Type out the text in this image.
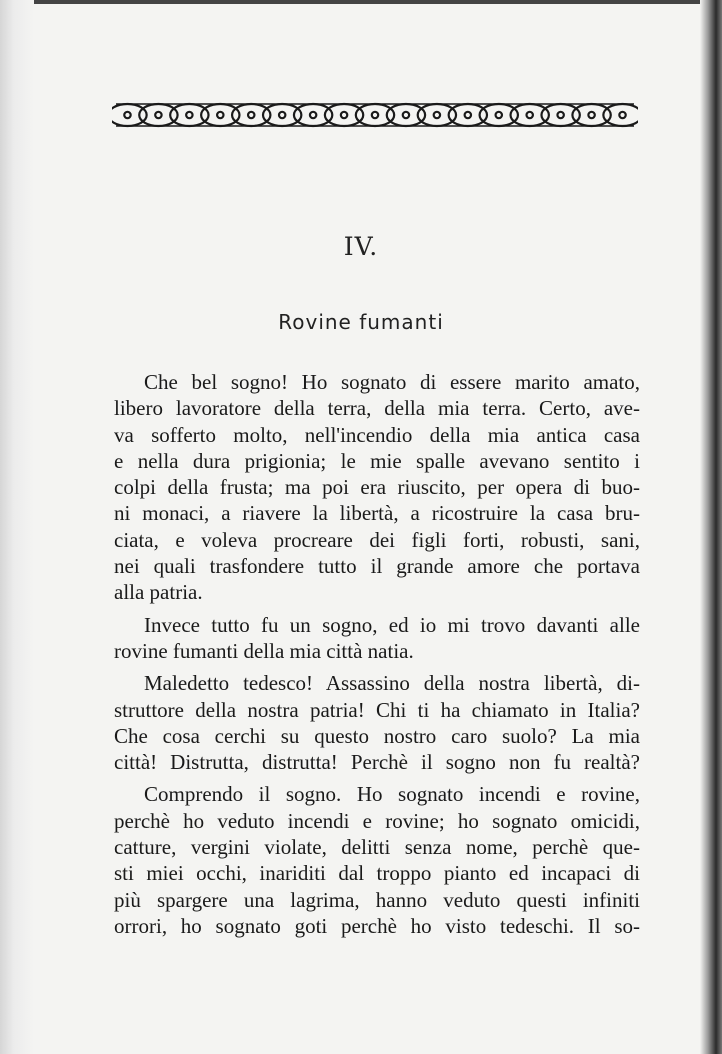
IV.
Rovine fumanti
Che bel sogno! Ho sognato di essere marito amato,
libero lavoratore della terra, della mia terra. Certo, ave-
va sofferto molto, nell'incendio della mia antica casa
e nella dura prigionia; le mie spalle avevano sentito i
colpi della frusta; ma poi era riuscito, per opera di buo-
ni monaci, a riavere la libertà, a ricostruire la casa bru-
ciata, e voleva procreare dei figli forti, robusti, sani,
nei quali trasfondere tutto il grande amore che portava
alla patria.
Invece tutto fu un sogno, ed io mi trovo davanti alle
rovine fumanti della mia città natia.
Maledetto tedesco! Assassino della nostra libertà, di-
struttore della nostra patria! Chi ti ha chiamato in Italia?
Che cosa cerchi su questo nostro caro suolo? La mia
città! Distrutta, distrutta! Perchè il sogno non fu realtà?
Comprendo il sogno. Ho sognato incendi e rovine,
perchè ho veduto incendi e rovine; ho sognato omicidi,
catture, vergini violate, delitti senza nome, perchè que-
sti miei occhi, inariditi dal troppo pianto ed incapaci di
più spargere una lagrima, hanno veduto questi infiniti
orrori, ho sognato goti perchè ho visto tedeschi. Il so-
